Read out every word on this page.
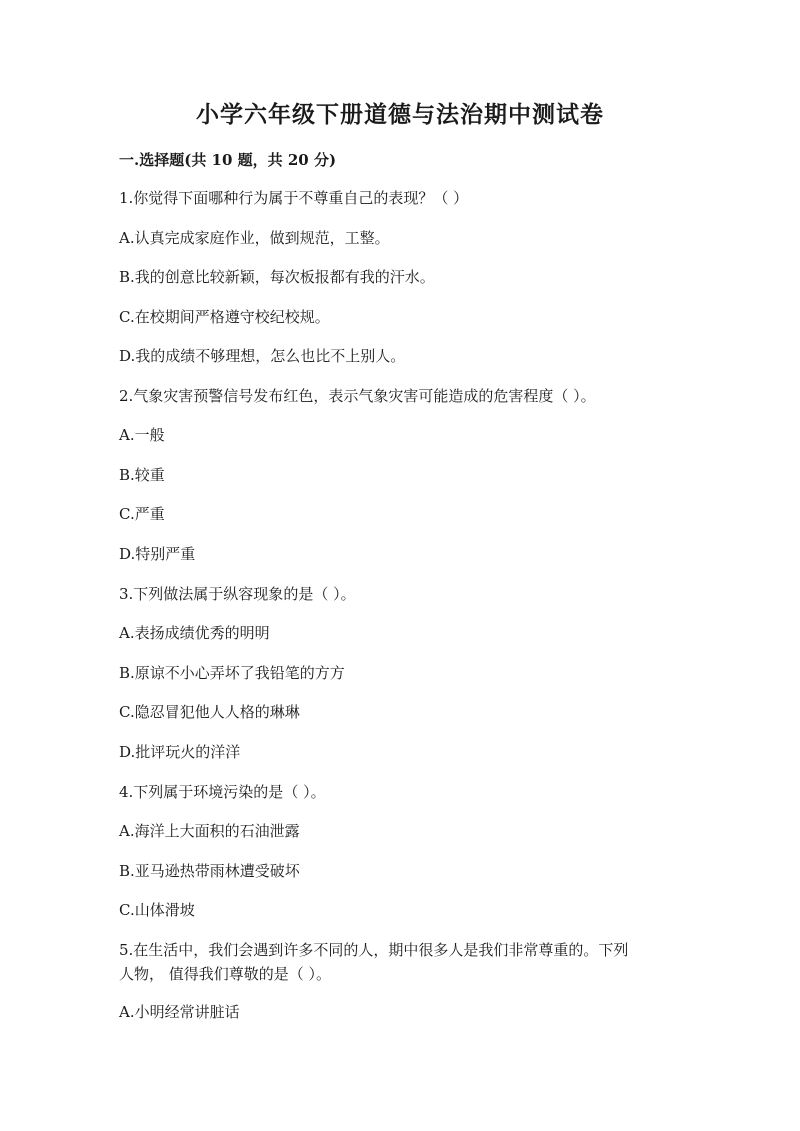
小学六年级下册道德与法治期中测试卷

一.选择题(共 10 题，共 20 分)

1.你觉得下面哪种行为属于不尊重自己的表现？（ ）

A.认真完成家庭作业，做到规范，工整。

B.我的创意比较新颖，每次板报都有我的汗水。

C.在校期间严格遵守校纪校规。

D.我的成绩不够理想，怎么也比不上别人。

2.气象灾害预警信号发布红色，表示气象灾害可能造成的危害程度（ ）。

A.一般

B.较重

C.严重

D.特别严重

3.下列做法属于纵容现象的是（ ）。

A.表扬成绩优秀的明明

B.原谅不小心弄坏了我铅笔的方方

C.隐忍冒犯他人人格的琳琳

D.批评玩火的洋洋

4.下列属于环境污染的是（ ）。

A.海洋上大面积的石油泄露

B.亚马逊热带雨林遭受破坏

C.山体滑坡

5.在生活中，我们会遇到许多不同的人，期中很多人是我们非常尊重的。下列

人物， 值得我们尊敬的是（ ）。

A.小明经常讲脏话
